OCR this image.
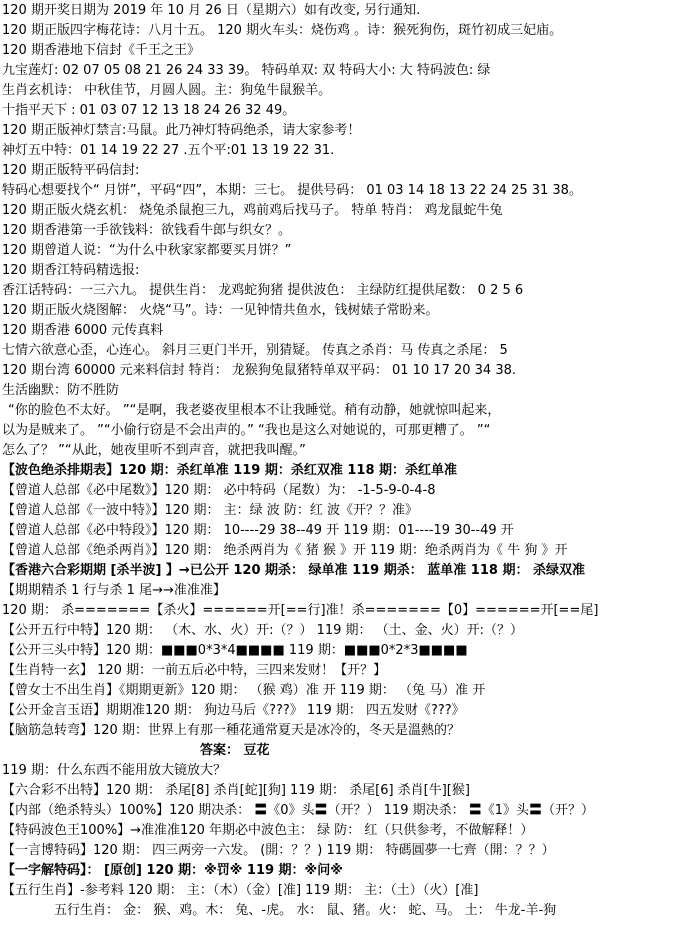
120 期开奖日期为 2019 年 10 月 26 日（星期六）如有改变, 另行通知.
120 期正版四字梅花诗：八月十五。 120 期火车头：烧伤鸡 。诗：猴死狗伤，斑竹初成三妃庙。
120 期香港地下信封《千王之王》
九宝莲灯: 02 07 05 08 21 26 24 33 39。 特码单双: 双 特码大小: 大 特码波色: 绿
生肖玄机诗： 中秋佳节，月圆人圆。主：狗兔牛鼠猴羊。
十指平天下 : 01 03 07 12 13 18 24 26 32 49。
120 期正版神灯禁言:马鼠。此乃神灯特码绝杀，请大家参考！
神灯五中特：01 14 19 22 27 .五个平:01 13 19 22 31.
120 期正版特平码信封:
特码心想要找个“ 月饼”，平码“四”，本期：三七。 提供号码： 01 03 14 18 13 22 24 25 31 38。
120 期正版火烧玄机： 烧兔杀鼠抱三九，鸡前鸡后找马子。 特单 特肖： 鸡龙鼠蛇牛兔
120 期香港第一手欲钱料：欲钱看牛郎与织女？。
120 期曾道人说：“为什么中秋家家都要买月饼？”
120 期香江特码精选报:
香江话特码：一三六九。 提供生肖： 龙鸡蛇狗猪 提供波色： 主绿防红提供尾数： 0 2 5 6
120 期正版火烧图解： 火烧“马”。诗：一见钟情共鱼水，钱树婊子常盼来。
120 期香港 6000 元传真料
七情六欲意心歪，心连心。 斜月三更门半开，别猜疑。 传真之杀肖：马 传真之杀尾： 5
120 期台湾 60000 元来料信封 特肖： 龙猴狗兔鼠猪特单双平码： 01 10 17 20 34 38.
生活幽默：防不胜防
“你的脸色不太好。 ”“是啊，我老婆夜里根本不让我睡觉。稍有动静，她就惊叫起来，
以为是贼来了。 ”“小偷行窃是不会出声的。” “我也是这么对她说的，可那更糟了。 ”“
怎么了？ ”“从此，她夜里听不到声音，就把我叫醒。”
【波色绝杀排期表】120 期：杀红单准 119 期：杀红双准 118 期：杀红单准
【曾道人总部《必中尾数》】120 期： 必中特码（尾数）为： -1-5-9-0-4-8
【曾道人总部《一波中特》】120 期： 主：绿 波 防：红 波《开？？准》
【曾道人总部《必中特段》】120 期： 10----29 38--49 开 119 期：01----19 30--49 开
【曾道人总部《绝杀两肖》】120 期： 绝杀两肖为《 猪 猴 》开 119 期：绝杀两肖为《 牛 狗 》开
【香港六合彩期期 [杀半波] 】→已公开 120 期杀： 绿单准 119 期杀： 蓝单准 118 期： 杀绿双准
【期期精杀 1 行与杀 1 尾→→准准准】
120 期： 杀=======【杀火】======开[==行]准！杀=======【0】======开[==尾]
【公开五行中特】120 期： （木、水、火）开:（？） 119 期： （土、金、火）开:（？）
【公开三头中特】120 期：■■■0*3*4■■■■ 119 期：■■■0*2*3■■■■
【生肖特一玄】 120 期：一前五后必中特，三四来发财！【开？】
【曾女士不出生肖】《期期更新》120 期： （猴 鸡）准 开 119 期： （兔 马）准 开
【公开金言玉语】期期准120 期： 狗边马后《???》 119 期： 四五发财《???》
【脑筋急转弯】120 期：世界上有那一種花通常夏天是冰冷的，冬天是溫熱的？
答案： 豆花
119 期：什么东西不能用放大镜放大？
【六合彩不出特】120 期： 杀尾[8] 杀肖[蛇][狗] 119 期： 杀尾[6] 杀肖[牛][猴]
【内部（绝杀特头）100%】120 期决杀： 〓《0》头〓（开？） 119 期决杀： 〓《1》头〓（开？）
【特码波色王100%】→准准准120 年期必中波色主： 绿 防： 红（只供参考，不做解释！）
【一言博特码】120 期： 四三两旁一六发。 (開：？？) 119 期： 特碼圓夢一七齊（開：？？）
【一字解特码】： [原创] 120 期：※罚※ 119 期：※问※
【五行生肖】-参考料 120 期： 主：（木）（金）[准] 119 期： 主：（土）（火）[准]
五行生肖： 金： 猴、鸡。木： 兔、-虎。 水： 鼠、猪。火： 蛇、马。 土： 牛龙-羊-狗
